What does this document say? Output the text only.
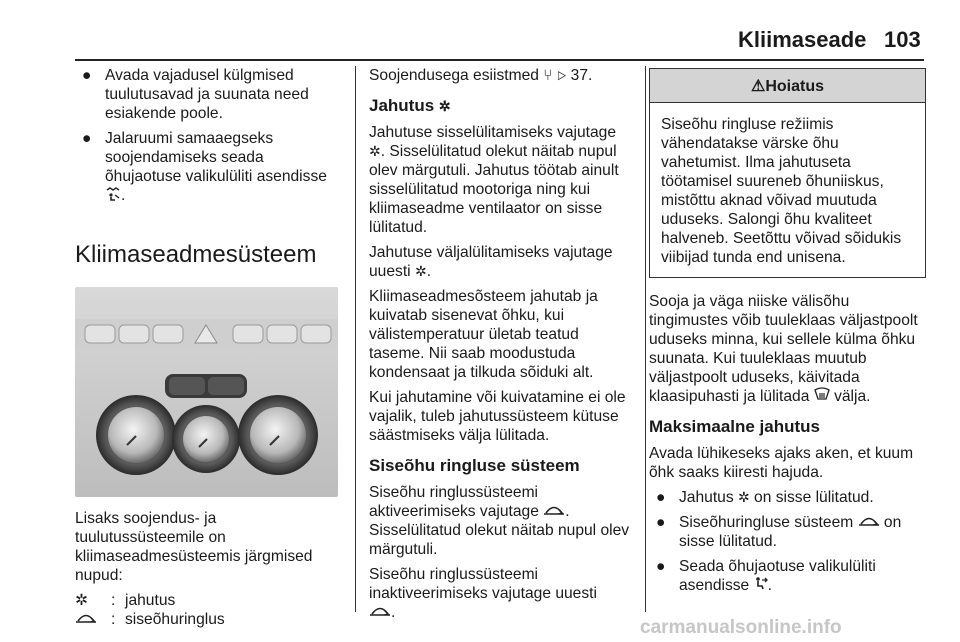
Kliimaseade 103
● Avada vajadusel külgmised tuulutusavad ja suunata need esiakende poole.
● Jalaruumi samaaegseks soojendamiseks seada õhujaotuse valikulüliti asendisse .
Kliimaseadmesüsteem

Lisaks soojendus- ja tuulutussüsteemile on kliimaseadmesüsteemis järgmised nupud:

✲	: jahutus
: siseõhuringlus

Soojendusega esiistmed ⑂ ▷ 37.

Jahutus ✲

Jahutuse sisselülitamiseks vajutage
✲. Sisselülitatud olekut näitab nupul olev märgutuli. Jahutus töötab ainult sisselülitatud mootoriga ning kui kliimaseadme ventilaator on sisse lülitatud.

Jahutuse väljalülitamiseks vajutage uuesti ✲.

Kliimaseadmesõsteem jahutab ja kuivatab sisenevat õhku, kui välistemperatuur ületab teatud taseme. Nii saab moodustuda kondensaat ja tilkuda sõiduki alt.

Kui jahutamine või kuivatamine ei ole vajalik, tuleb jahutussüsteem kütuse säästmiseks välja lülitada.

Siseõhu ringluse süsteem

Siseõhu ringlussüsteemi aktiveerimiseks vajutage .

Sisselülitatud olekut näitab nupul olev märgutuli.

Siseõhu ringlussüsteemi inaktiveerimiseks vajutage uuesti
.

⚠Hoiatus
Siseõhu ringluse režiimis vähendatakse värske õhu vahetumist. Ilma jahutuseta töötamisel suureneb õhuniiskus, mistõttu aknad võivad muutuda uduseks. Salongi õhu kvaliteet halveneb. Seetõttu võivad sõidukis viibijad tunda end unisena.

Sooja ja väga niiske välisõhu tingimustes võib tuuleklaas väljastpoolt uduseks minna, kui sellele külma õhku suunata. Kui tuuleklaas muutub väljastpoolt uduseks, käivitada klaasipuhasti ja lülitada välja.

Maksimaalne jahutus

Avada lühikeseks ajaks aken, et kuum õhk saaks kiiresti hajuda.

● Jahutus ✲ on sisse lülitatud.
● Siseõhuringluse süsteem on sisse lülitatud.
● Seada õhujaotuse valikulüliti asendisse .
carmanualsonline.info
